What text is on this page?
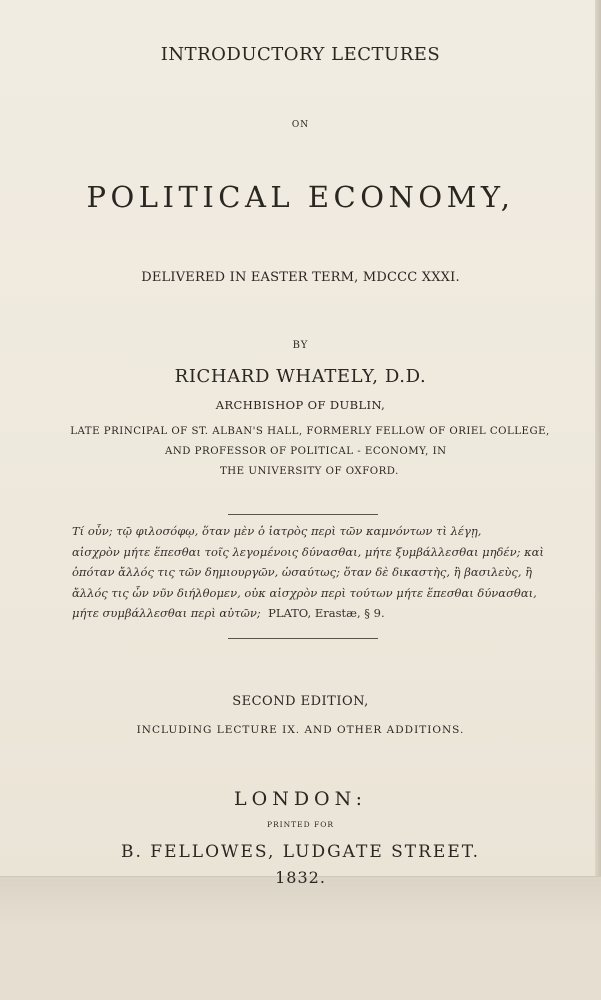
INTRODUCTORY LECTURES
ON
POLITICAL ECONOMY,
DELIVERED IN EASTER TERM, MDCCC XXXI.
BY
RICHARD WHATELY, D.D.
ARCHBISHOP OF DUBLIN,
LATE PRINCIPAL OF ST. ALBAN'S HALL, FORMERLY FELLOW OF ORIEL COLLEGE,
AND PROFESSOR OF POLITICAL - ECONOMY, IN
THE UNIVERSITY OF OXFORD.
Τί οὖν; τῷ φιλοσόφῳ, ὅταν μὲν ὁ ἰατρὸς περὶ τῶν καμνόντων τὶ λέγῃ,
αἰσχρὸν μήτε ἕπεσθαι τοῖς λεγομένοις δύνασθαι, μήτε ξυμβάλλεσθαι μηδέν; καὶ
ὁπόταν ἄλλός τις τῶν δημιουργῶν, ὡσαύτως; ὅταν δὲ δικαστὴς, ἢ βασιλεὺς, ἢ
ἄλλός τις ὧν νῦν διήλθομεν, οὐκ αἰσχρὸν περὶ τούτων μήτε ἕπεσθαι δύνασθαι,
μήτε συμβάλλεσθαι περὶ αὐτῶν; PLATO, Erastæ, § 9.
SECOND EDITION,
INCLUDING LECTURE IX. AND OTHER ADDITIONS.
LONDON:
PRINTED FOR
B. FELLOWES, LUDGATE STREET.
1832.
